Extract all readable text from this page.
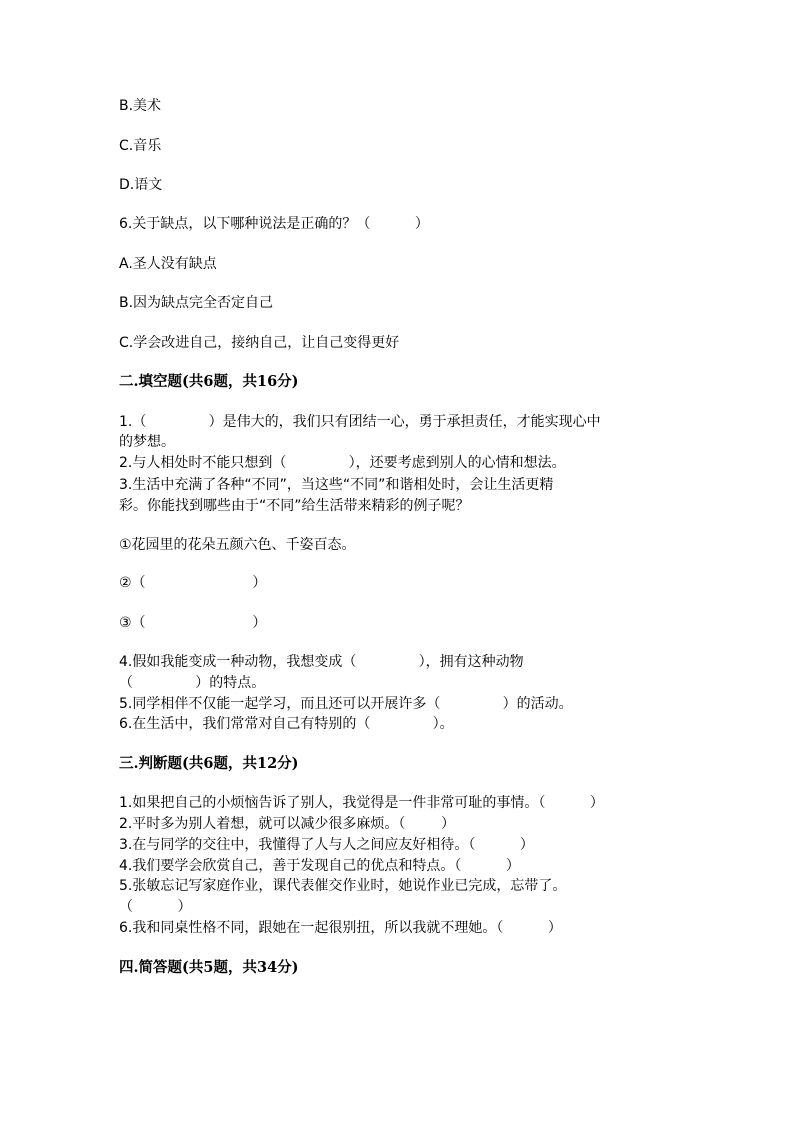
B.美术
C.音乐
D.语文
6.关于缺点，以下哪种说法是正确的？（          ）
A.圣人没有缺点
B.因为缺点完全否定自己
C.学会改进自己，接纳自己，让自己变得更好
二.填空题(共6题，共16分)
1.（              ）是伟大的，我们只有团结一心，勇于承担责任，才能实现心中
的梦想。
2.与人相处时不能只想到（              ），还要考虑到别人的心情和想法。
3.生活中充满了各种“不同”，当这些“不同”和谐相处时，会让生活更精
彩。你能找到哪些由于“不同”给生活带来精彩的例子呢？
①花园里的花朵五颜六色、千姿百态。
②（                        ）
③（                        ）
4.假如我能变成一种动物，我想变成（              ），拥有这种动物
（              ）的特点。
5.同学相伴不仅能一起学习，而且还可以开展许多（              ）的活动。
6.在生活中，我们常常对自己有特别的（              ）。
三.判断题(共6题，共12分)
1.如果把自己的小烦恼告诉了别人，我觉得是一件非常可耻的事情。（          ）
2.平时多为别人着想，就可以减少很多麻烦。（        ）
3.在与同学的交往中，我懂得了人与人之间应友好相待。（          ）
4.我们要学会欣赏自己，善于发现自己的优点和特点。（          ）
5.张敏忘记写家庭作业，课代表催交作业时，她说作业已完成，忘带了。
（          ）
6.我和同桌性格不同，跟她在一起很别扭，所以我就不理她。（          ）
四.简答题(共5题，共34分)
